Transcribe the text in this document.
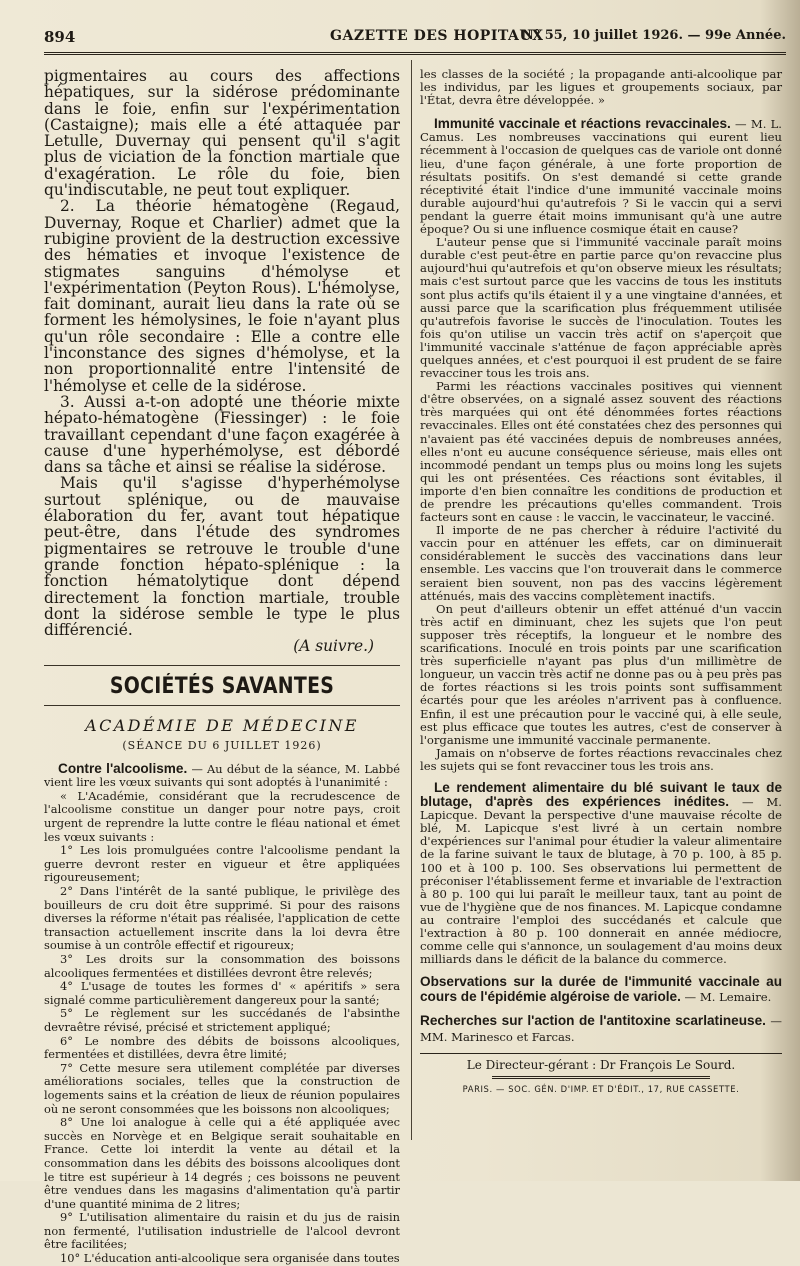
894	GAZETTE DES HOPITAUX
N° 55, 10 juillet 1926. — 99e Année.

pigmentaires au cours des affections hépatiques, sur la sidérose prédominante dans le foie, enfin sur l'expérimentation (Castaigne); mais elle a été attaquée par Letulle, Duvernay qui pensent qu'il s'agit plus de viciation de la fonction martiale que d'exagération. Le rôle du foie, bien qu'indiscutable, ne peut tout expliquer.

2. La théorie hématogène (Regaud, Duvernay, Roque et Charlier) admet que la rubigine provient de la destruction excessive des hématies et invoque l'existence de stigmates sanguins d'hémolyse et l'expérimentation (Peyton Rous). L'hémolyse, fait dominant, aurait lieu dans la rate où se forment les hémolysines, le foie n'ayant plus qu'un rôle secondaire : Elle a contre elle l'inconstance des signes d'hémolyse, et la non proportionnalité entre l'intensité de l'hémolyse et celle de la sidérose.

3. Aussi a-t-on adopté une théorie mixte hépato-hématogène (Fiessinger) : le foie travaillant cependant d'une façon exagérée à cause d'une hyperhémolyse, est débordé dans sa tâche et ainsi se réalise la sidérose.

Mais qu'il s'agisse d'hyperhémolyse surtout splénique, ou de mauvaise élaboration du fer, avant tout hépatique peut-être, dans l'étude des syndromes pigmentaires se retrouve le trouble d'une grande fonction hépato-splénique : la fonction hématolytique dont dépend directement la fonction martiale, trouble dont la sidérose semble le type le plus différencié.

(A suivre.)

SOCIÉTÉS SAVANTES
ACADÉMIE DE MÉDECINE
(SÉANCE DU 6 JUILLET 1926)

Contre l'alcoolisme. — Au début de la séance, M. Labbé vient lire les vœux suivants qui sont adoptés à l'unanimité :

« L'Académie, considérant que la recrudescence de l'alcoolisme constitue un danger pour notre pays, croit urgent de reprendre la lutte contre le fléau national et émet les vœux suivants :

1° Les lois promulguées contre l'alcoolisme pendant la guerre devront rester en vigueur et être appliquées rigoureusement;

2° Dans l'intérêt de la santé publique, le privilège des bouilleurs de cru doit être supprimé. Si pour des raisons diverses la réforme n'était pas réalisée, l'application de cette transaction actuellement inscrite dans la loi devra être soumise à un contrôle effectif et rigoureux;

3° Les droits sur la consommation des boissons alcooliques fermentées et distillées devront être relevés;

4° L'usage de toutes les formes d' « apéritifs » sera signalé comme particulièrement dangereux pour la santé;

5° Le règlement sur les succédanés de l'absinthe devraêtre révisé, précisé et strictement appliqué;

6° Le nombre des débits de boissons alcooliques, fermentées et distillées, devra être limité;

7° Cette mesure sera utilement complétée par diverses améliorations sociales, telles que la construction de logements sains et la création de lieux de réunion populaires où ne seront consommées que les boissons non alcooliques;

8° Une loi analogue à celle qui a été appliquée avec succès en Norvège et en Belgique serait souhaitable en France. Cette loi interdit la vente au détail et la consommation dans les débits des boissons alcooliques dont le titre est supérieur à 14 degrés ; ces boissons ne peuvent être vendues dans les magasins d'alimentation qu'à partir d'une quantité minima de 2 litres;

9° L'utilisation alimentaire du raisin et du jus de raisin non fermenté, l'utilisation industrielle de l'alcool devront être facilitées;

10° L'éducation anti-alcoolique sera organisée dans toutes

les classes de la société ; la propagande anti-alcoolique par les individus, par les ligues et groupements sociaux, par l'État, devra être développée. »

Immunité vaccinale et réactions revaccinales. — M. L. Camus. Les nombreuses vaccinations qui eurent lieu récemment à l'occasion de quelques cas de variole ont donné lieu, d'une façon générale, à une forte proportion de résultats positifs. On s'est demandé si cette grande réceptivité était l'indice d'une immunité vaccinale moins durable aujourd'hui qu'autrefois ? Si le vaccin qui a servi pendant la guerre était moins immunisant qu'à une autre époque? Ou si une influence cosmique était en cause?

L'auteur pense que si l'immunité vaccinale paraît moins durable c'est peut-être en partie parce qu'on revaccine plus aujourd'hui qu'autrefois et qu'on observe mieux les résultats; mais c'est surtout parce que les vaccins de tous les instituts sont plus actifs qu'ils étaient il y a une vingtaine d'années, et aussi parce que la scarification plus fréquemment utilisée qu'autrefois favorise le succès de l'inoculation. Toutes les fois qu'on utilise un vaccin très actif on s'aperçoit que l'immunité vaccinale s'atténue de façon appréciable après quelques années, et c'est pourquoi il est prudent de se faire revacciner tous les trois ans.

Parmi les réactions vaccinales positives qui viennent d'être observées, on a signalé assez souvent des réactions très marquées qui ont été dénommées fortes réactions revaccinales. Elles ont été constatées chez des personnes qui n'avaient pas été vaccinées depuis de nombreuses années, elles n'ont eu aucune conséquence sérieuse, mais elles ont incommodé pendant un temps plus ou moins long les sujets qui les ont présentées. Ces réactions sont évitables, il importe d'en bien connaître les conditions de production et de prendre les précautions qu'elles commandent. Trois facteurs sont en cause : le vaccin, le vaccinateur, le vacciné.

Il importe de ne pas chercher à réduire l'activité du vaccin pour en atténuer les effets, car on diminuerait considérablement le succès des vaccinations dans leur ensemble. Les vaccins que l'on trouverait dans le commerce seraient bien souvent, non pas des vaccins légèrement atténués, mais des vaccins complètement inactifs.

On peut d'ailleurs obtenir un effet atténué d'un vaccin très actif en diminuant, chez les sujets que l'on peut supposer très réceptifs, la longueur et le nombre des scarifications. Inoculé en trois points par une scarification très superficielle n'ayant pas plus d'un millimètre de longueur, un vaccin très actif ne donne pas ou à peu près pas de fortes réactions si les trois points sont suffisamment écartés pour que les aréoles n'arrivent pas à confluence. Enfin, il est une précaution pour le vacciné qui, à elle seule, est plus efficace que toutes les autres, c'est de conserver à l'organisme une immunité vaccinale permanente.

Jamais on n'observe de fortes réactions revaccinales chez les sujets qui se font revacciner tous les trois ans.

Le rendement alimentaire du blé suivant le taux de blutage, d'après des expériences inédites. — M. Lapicque. Devant la perspective d'une mauvaise récolte de blé, M. Lapicque s'est livré à un certain nombre d'expériences sur l'animal pour étudier la valeur alimentaire de la farine suivant le taux de blutage, à 70 p. 100, à 85 p. 100 et à 100 p. 100. Ses observations lui permettent de préconiser l'établissement ferme et invariable de l'extraction à 80 p. 100 qui lui paraît le meilleur taux, tant au point de vue de l'hygiène que de nos finances. M. Lapicque condamne au contraire l'emploi des succédanés et calcule que l'extraction à 80 p. 100 donnerait en année médiocre, comme celle qui s'annonce, un soulagement d'au moins deux milliards dans le déficit de la balance du commerce.

Observations sur la durée de l'immunité vaccinale au cours de l'épidémie algéroise de variole. — M. Lemaire.

Recherches sur l'action de l'antitoxine scarlatineuse. — MM. Marinesco et Farcas.

Le Directeur-gérant : Dr François Le Sourd.
PARIS. — SOC. GÉN. D'IMP. ET D'ÉDIT., 17, RUE CASSETTE.
